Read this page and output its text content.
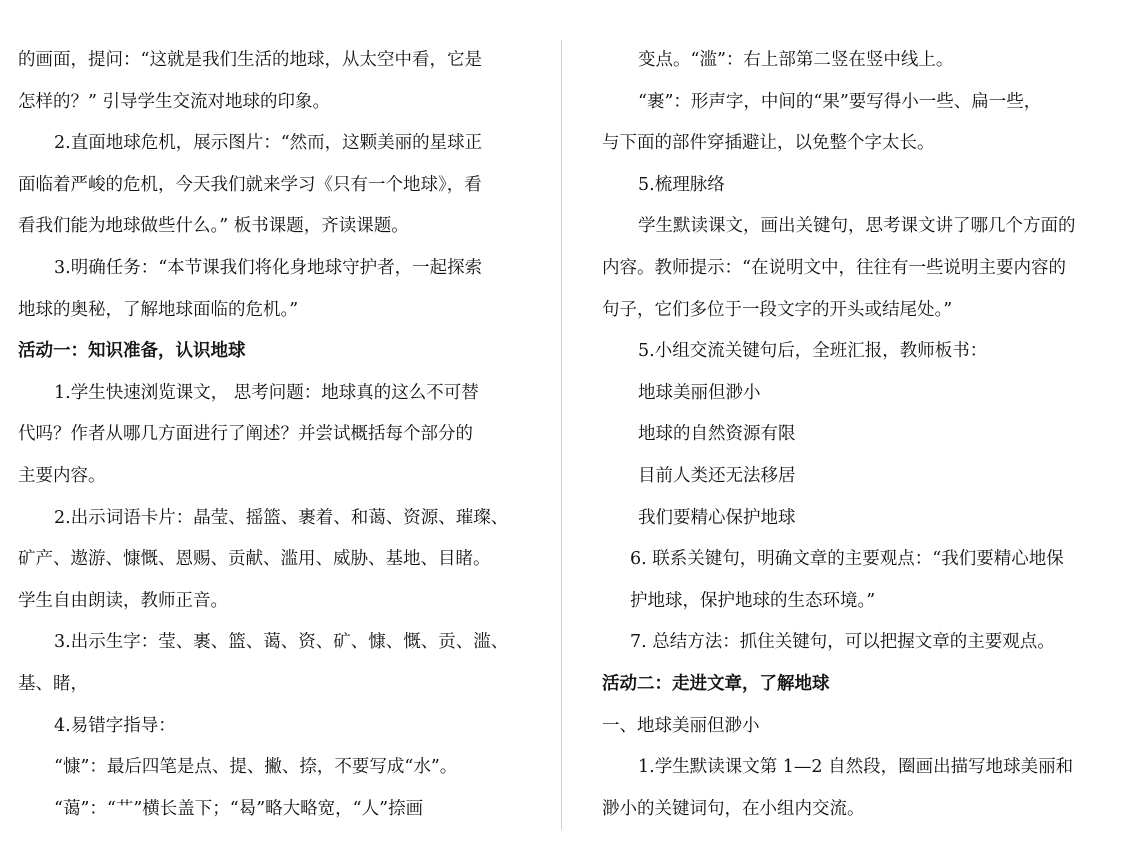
的画面，提问：“这就是我们生活的地球，从太空中看，它是
怎样的？” 引导学生交流对地球的印象。
2.直面地球危机，展示图片：“然而，这颗美丽的星球正
面临着严峻的危机，今天我们就来学习《只有一个地球》，看
看我们能为地球做些什么。” 板书课题，齐读课题。
3.明确任务：“本节课我们将化身地球守护者，一起探索
地球的奥秘，了解地球面临的危机。”
活动一：知识准备，认识地球
1.学生快速浏览课文， 思考问题：地球真的这么不可替
代吗？作者从哪几方面进行了阐述？并尝试概括每个部分的
主要内容。
2.出示词语卡片：晶莹、摇篮、裹着、和蔼、资源、璀璨、
矿产、遨游、慷慨、恩赐、贡献、滥用、威胁、基地、目睹。
学生自由朗读，教师正音。
3.出示生字：莹、裹、篮、蔼、资、矿、慷、慨、贡、滥、
基、睹，
4.易错字指导：
“慷”：最后四笔是点、提、撇、捺，不要写成“水”。
“蔼”：“艹”横长盖下；“曷”略大略宽，“人”捺画
变点。“滥”：右上部第二竖在竖中线上。
“裹”：形声字，中间的“果”要写得小一些、扁一些，
与下面的部件穿插避让，以免整个字太长。
5.梳理脉络
学生默读课文，画出关键句，思考课文讲了哪几个方面的
内容。教师提示：“在说明文中，往往有一些说明主要内容的
句子，它们多位于一段文字的开头或结尾处。”
5.小组交流关键句后，全班汇报，教师板书：
地球美丽但渺小
地球的自然资源有限
目前人类还无法移居
我们要精心保护地球
6. 联系关键句，明确文章的主要观点：“我们要精心地保
护地球，保护地球的生态环境。”
7. 总结方法：抓住关键句，可以把握文章的主要观点。
活动二：走进文章，了解地球
一、地球美丽但渺小
1.学生默读课文第 1—2 自然段，圈画出描写地球美丽和
渺小的关键词句，在小组内交流。
